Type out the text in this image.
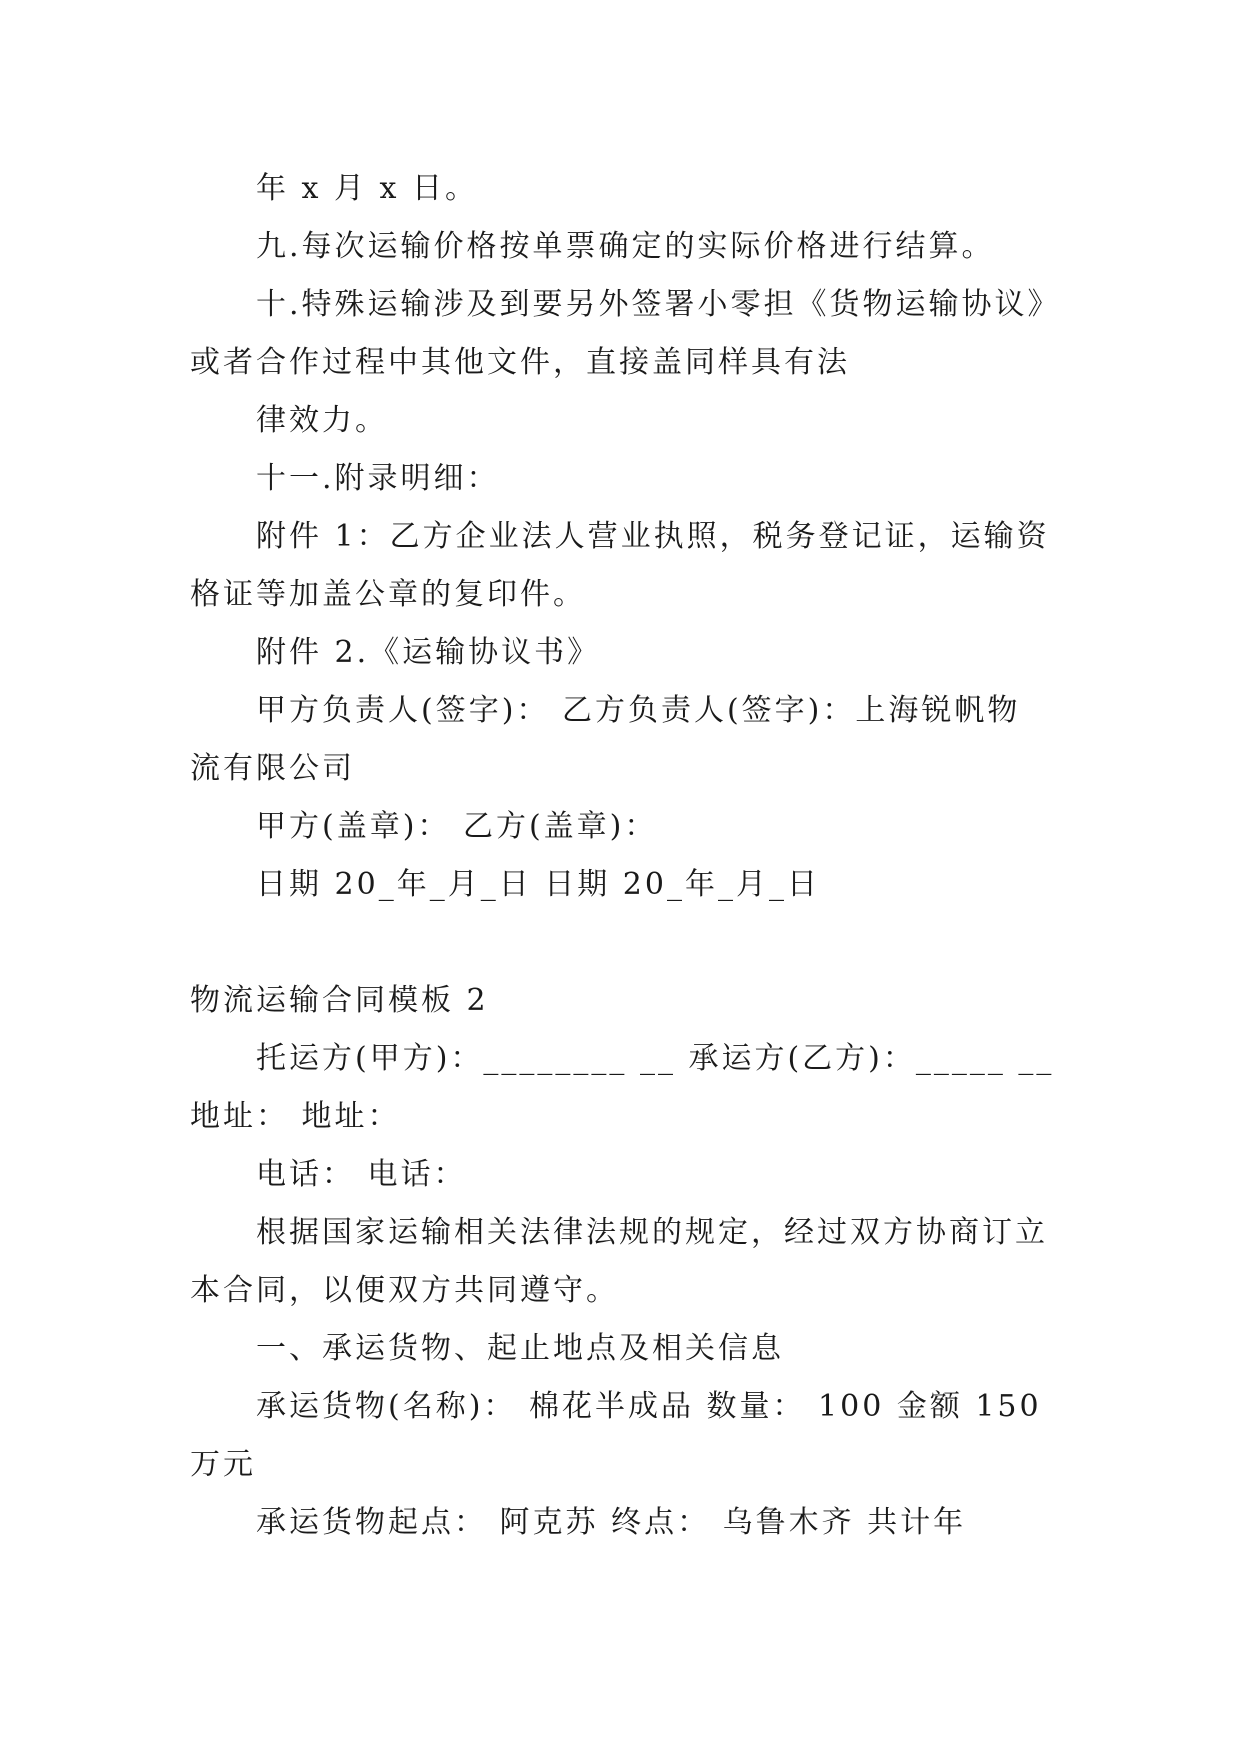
年 x 月 x 日。
九.每次运输价格按单票确定的实际价格进行结算。
十.特殊运输涉及到要另外签署小零担《货物运输协议》
或者合作过程中其他文件，直接盖同样具有法
律效力。
十一.附录明细：
附件 1：乙方企业法人营业执照，税务登记证，运输资
格证等加盖公章的复印件。
附件 2.《运输协议书》
甲方负责人(签字)： 乙方负责人(签字)：上海锐帆物
流有限公司
甲方(盖章)： 乙方(盖章)：
日期 20_年_月_日 日期 20_年_月_日
物流运输合同模板 2
托运方(甲方)：________ __ 承运方(乙方)：_____ __
地址： 地址：
电话： 电话：
根据国家运输相关法律法规的规定，经过双方协商订立
本合同，以便双方共同遵守。
一、承运货物、起止地点及相关信息
承运货物(名称)： 棉花半成品 数量： 100 金额 150
万元
承运货物起点： 阿克苏 终点： 乌鲁木齐 共计年
